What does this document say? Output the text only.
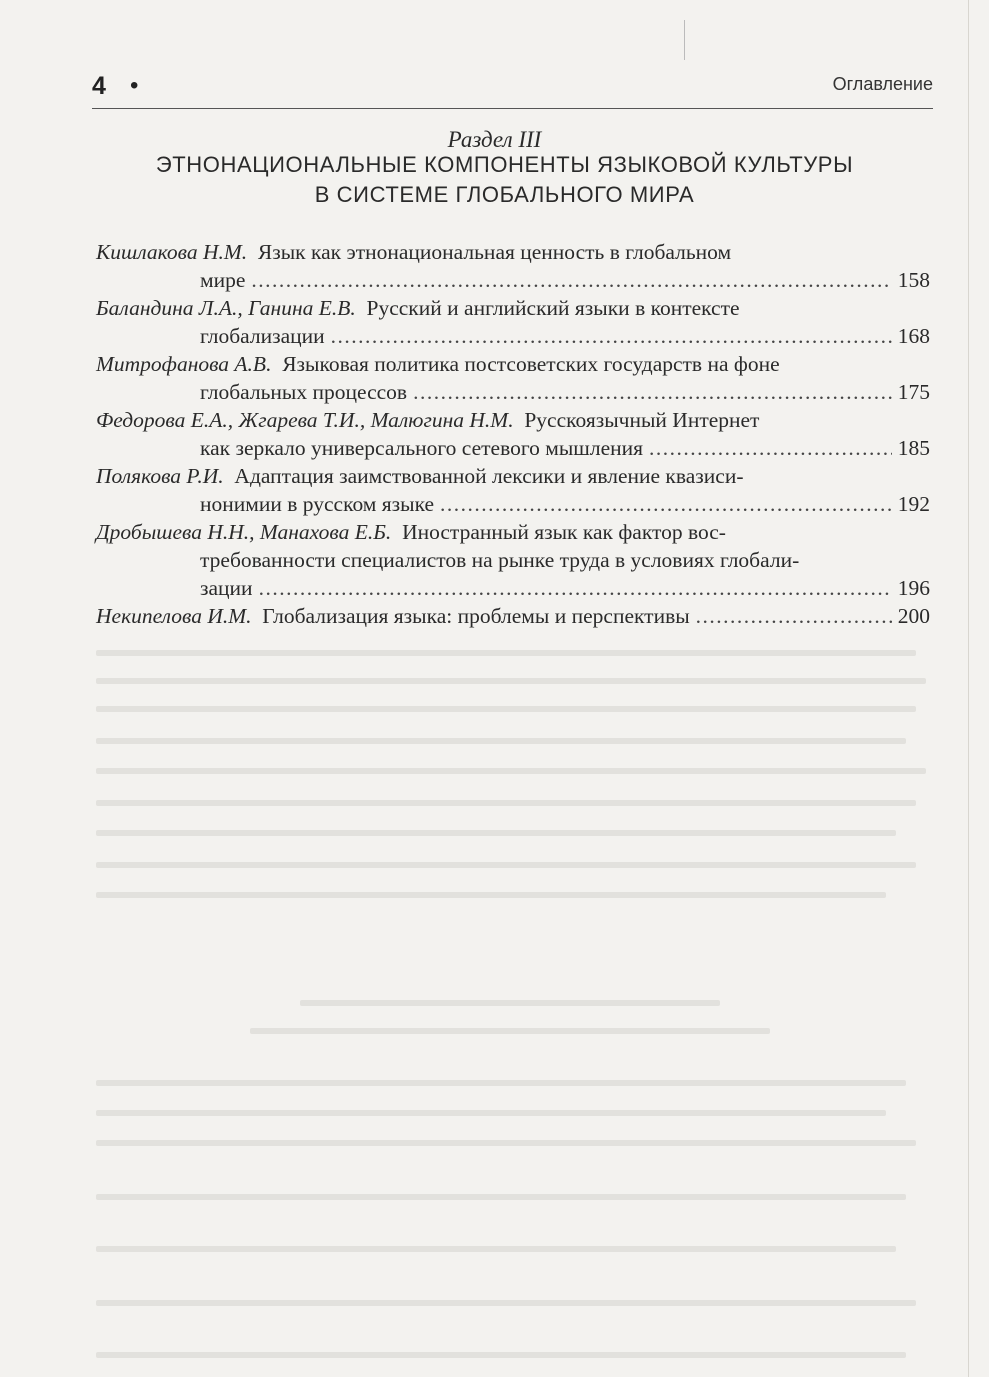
4 •	Оглавление
Раздел III
ЭТНОНАЦИОНАЛЬНЫЕ КОМПОНЕНТЫ ЯЗЫКОВОЙ КУЛЬТУРЫ
В СИСТЕМЕ ГЛОБАЛЬНОГО МИРА
Кишлакова Н.М. Язык как этнонациональная ценность в глобальном
мире .....	158
Баландина Л.А., Ганина Е.В. Русский и английский языки в контексте
глобализации .....	168
Митрофанова А.В. Языковая политика постсоветских государств на фоне
глобальных процессов .....	175
Федорова Е.А., Жгарева Т.И., Малюгина Н.М. Русскоязычный Интернет
как зеркало универсального сетевого мышления .....	185
Полякова Р.И. Адаптация заимствованной лексики и явление квазиси-
нонимии в русском языке .....	192
Дробышева Н.Н., Манахова Е.Б. Иностранный язык как фактор вос-
требованности специалистов на рынке труда в условиях глобали-
зации .....	196
Некипелова И.М. Глобализация языка: проблемы и перспективы .....	200
